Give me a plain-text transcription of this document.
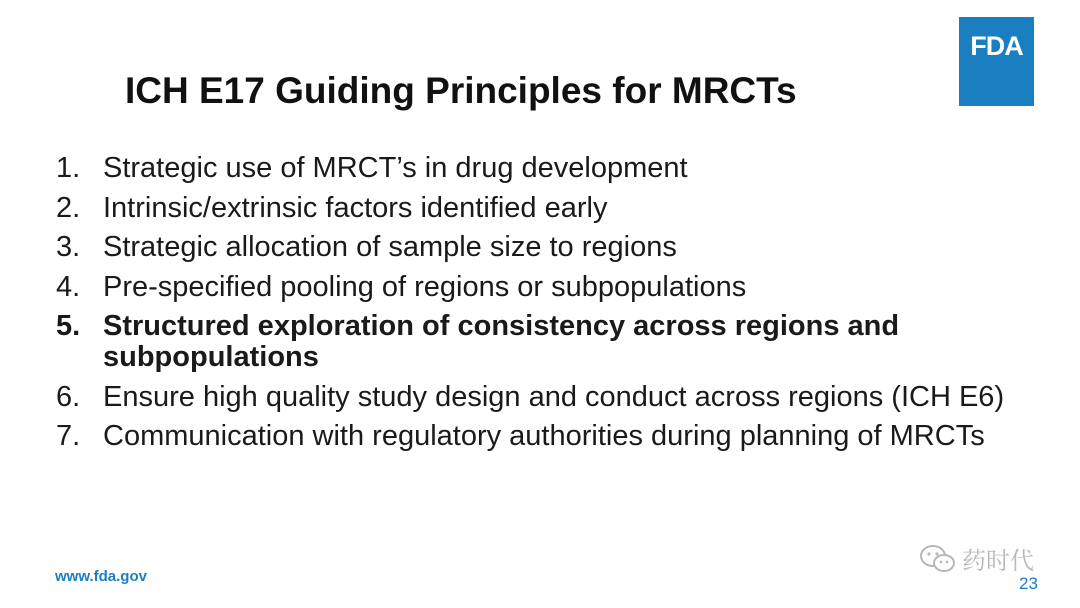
FDA
ICH E17 Guiding Principles for MRCTs
1. Strategic use of MRCT’s in drug development
2. Intrinsic/extrinsic factors identified early
3. Strategic allocation of sample size to regions
4. Pre-specified pooling of regions or subpopulations
5. Structured exploration of consistency across regions and subpopulations
6. Ensure high quality study design and conduct across regions (ICH E6)
7. Communication with regulatory authorities during planning of MRCTs
www.fda.gov
药时代
23
